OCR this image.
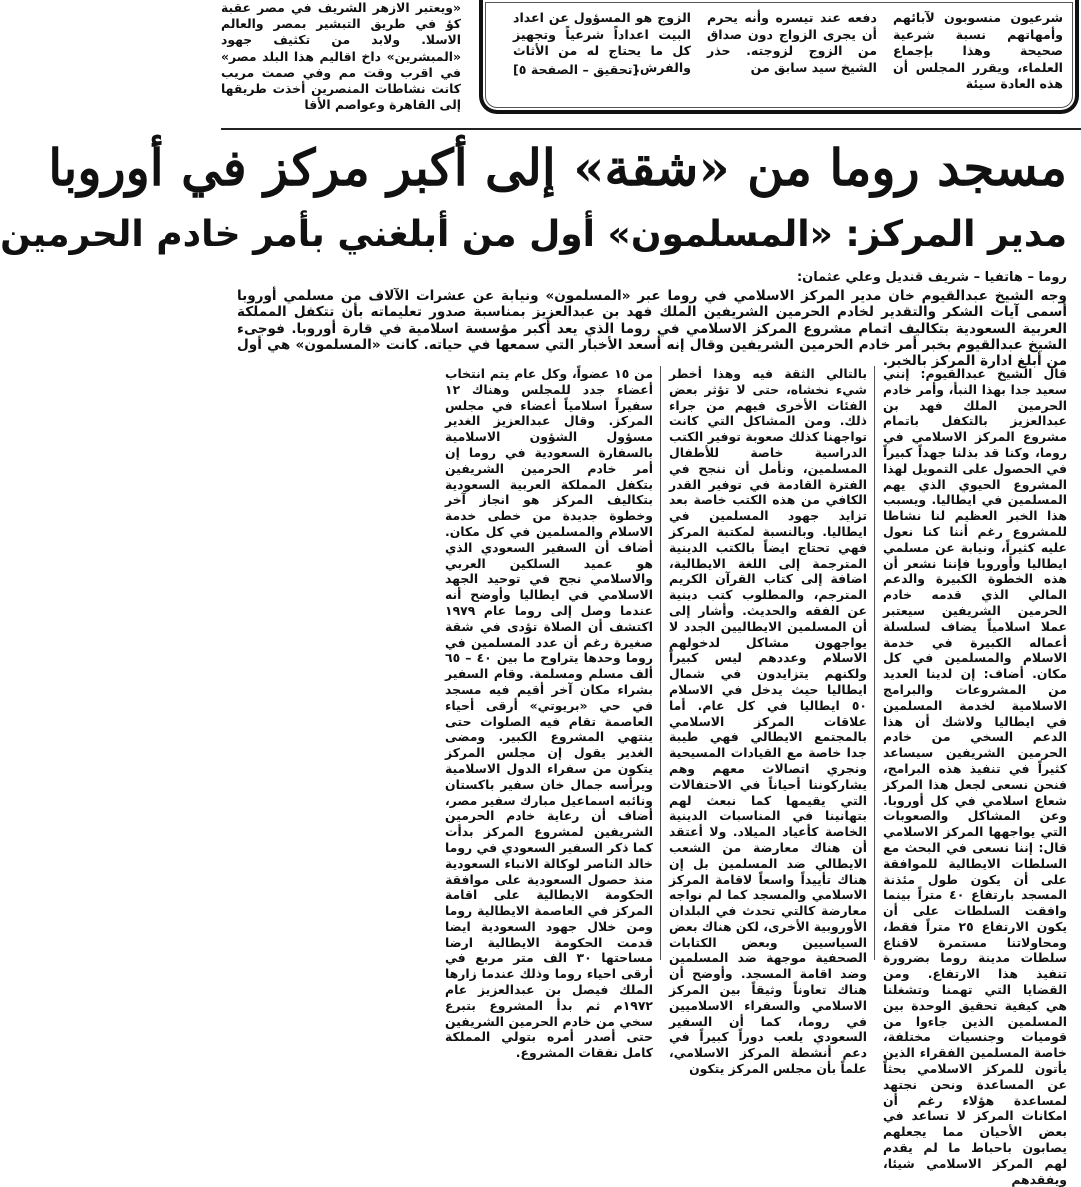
«ويعتبر الازهر الشريف في مصر عقبة كؤ في طريق التبشير بمصر والعالم الاسلا. ولابد من تكثيف جهود «المبشرين» داخ اقاليم هذا البلد مصر» في اقرب وقت مم وفي صمت مريب كانت نشاطات المنصرين أخذت طريقها إلى القاهرة وعواصم الأقا
شرعيون منسوبون لآبائهم وأمهاتهم نسبة شرعية صحيحة وهذا بإجماع العلماء، ويقرر المجلس أن هذه العادة سيئة
دفعه عند تيسره وأنه يحرم أن يجرى الزواج دون صداق من الزوج لزوجته. حذر الشيخ سيد سابق من
الزوج هو المسؤول عن اعداد البيت اعداداً شرعياً وتجهيز كل ما يحتاج له من الأثاث والفرش.
[تحقيق – الصفحة ٥]
مسجد روما من «شقة» إلى أكبر مركز في أوروبا
مدير المركز: «المسلمون» أول من أبلغني بأمر خادم الحرمين
روما – هاتفيا – شريف قنديل وعلي عثمان:
وجه الشيخ عبدالقيوم خان مدير المركز الاسلامي في روما عبر «المسلمون» ونيابة عن عشرات الآلاف من مسلمي أوروبا أسمى آيات الشكر والتقدير لخادم الحرمين الشريفين الملك فهد بن عبدالعزيز بمناسبة صدور تعليماته بأن تتكفل المملكة العربية السعودية بتكاليف اتمام مشروع المركز الاسلامي في روما الذي يعد أكبر مؤسسة اسلامية في قارة أوروبا. فوجىء الشيخ عبدالقيوم بخبر أمر خادم الحرمين الشريفين وقال إنه أسعد الأخبار التي سمعها في حياته. كانت «المسلمون» هي أول من أبلغ ادارة المركز بالخبر.
قال الشيخ عبدالقيوم: إنني سعيد جدا بهذا النبأ، وأمر خادم الحرمين الملك فهد بن عبدالعزيز بالتكفل باتمام مشروع المركز الاسلامي في روما، وكنا قد بذلنا جهداً كبيراً في الحصول على التمويل لهذا المشروع الحيوي الذي يهم المسلمين في ايطاليا. ويسبب هذا الخبر العظيم لنا نشاطا للمشروع رغم أننا كنا نعول عليه كثيراً، ونيابة عن مسلمي ايطاليا وأوروبا فإننا نشعر أن هذه الخطوة الكبيرة والدعم المالي الذي قدمه خادم الحرمين الشريفين سيعتبر عملا اسلامياً يضاف لسلسلة أعماله الكبيرة في خدمة الاسلام والمسلمين في كل مكان. أضاف: إن لدينا العديد من المشروعات والبرامج الاسلامية لخدمة المسلمين في ايطاليا ولاشك أن هذا الدعم السخي من خادم الحرمين الشريفين سيساعد كثيراً في تنفيذ هذه البرامج، فنحن نسعى لجعل هذا المركز شعاع اسلامي في كل أوروبا. وعن المشاكل والصعوبات التي يواجهها المركز الاسلامي قال: إننا نسعى في البحث مع السلطات الايطالية للموافقة على أن يكون طول مئذنة المسجد بارتفاع ٤٠ متراً بينما وافقت السلطات على أن يكون الارتفاع ٢٥ متراً فقط، ومحاولاتنا مستمرة لاقناع سلطات مدينة روما بضرورة تنفيذ هذا الارتفاع. ومن القضايا التي تهمنا وتشغلنا هي كيفية تحقيق الوحدة بين المسلمين الذين جاءوا من قوميات وجنسيات مختلفة، خاصة المسلمين الفقراء الذين يأتون للمركز الاسلامي بحثاً عن المساعدة ونحن نجتهد لمساعدة هؤلاء رغم أن امكانات المركز لا تساعد في بعض الأحيان مما يجعلهم يصابون باحباط ما لم يقدم لهم المركز الاسلامي شيئا، ويفقدهم
بالتالي الثقة فيه وهذا أخطر شيء نخشاه، حتى لا تؤثر بعض الفئات الأخرى فيهم من جراء ذلك. ومن المشاكل التي كانت تواجهنا كذلك صعوبة توفير الكتب الدراسية خاصة للأطفال المسلمين، ونأمل أن ننجح في الفترة القادمة في توفير القدر الكافي من هذه الكتب خاصة بعد تزايد جهود المسلمين في ايطاليا. وبالنسبة لمكتبة المركز فهي تحتاج ايضاً بالكتب الدينية المترجمة إلى اللغة الايطالية، اضافة إلى كتاب القرآن الكريم المترجم، والمطلوب كتب دينية عن الفقه والحديث. وأشار إلى أن المسلمين الايطاليين الجدد لا يواجهون مشاكل لدخولهم الاسلام وعددهم ليس كبيراً ولكنهم يتزايدون في شمال ايطاليا حيث يدخل في الاسلام ٥٠ ايطاليا في كل عام. أما علاقات المركز الاسلامي بالمجتمع الايطالي فهي طيبة جدا خاصة مع القيادات المسيحية ونجري اتصالات معهم وهم يشاركوننا أحياناً في الاحتفالات التي يقيمها كما نبعث لهم بتهانينا في المناسبات الدينية الخاصة كأعياد الميلاد. ولا أعتقد أن هناك معارضة من الشعب الايطالي ضد المسلمين بل إن هناك تأييداً واسعاً لاقامة المركز الاسلامي والمسجد كما لم نواجه معارضة كالتي تحدث في البلدان الأوروبية الأخرى، لكن هناك بعض السياسيين وبعض الكتابات الصحفية موجهة ضد المسلمين وضد اقامة المسجد. وأوضح أن هناك تعاوناً وثيقاً بين المركز الاسلامي والسفراء الاسلاميين في روما، كما أن السفير السعودي يلعب دوراً كبيراً في دعم أنشطة المركز الاسلامي، علماً بأن مجلس المركز يتكون
من ١٥ عضواً، وكل عام يتم انتخاب أعضاء جدد للمجلس وهناك ١٢ سفيراً اسلامياً أعضاء في مجلس المركز. وقال عبدالعزيز الغدير مسؤول الشؤون الاسلامية بالسفارة السعودية في روما إن أمر خادم الحرمين الشريفين بتكفل المملكة العربية السعودية بتكاليف المركز هو انجاز آخر وخطوة جديدة من خطى خدمة الاسلام والمسلمين في كل مكان. أضاف أن السفير السعودي الذي هو عميد السلكين العربي والاسلامي نجح في توحيد الجهد الاسلامي في ايطاليا وأوضح أنه عندما وصل إلى روما عام ١٩٧٩ اكتشف أن الصلاة تؤدى في شقة صغيرة رغم أن عدد المسلمين في روما وحدها يتراوح ما بين ٤٠ – ٦٥ ألف مسلم ومسلمة. وقام السفير بشراء مكان آخر أقيم فيه مسجد في حي «بريوتي» أرقى أحياء العاصمة تقام فيه الصلوات حتى ينتهي المشروع الكبير. ومضى الغدير يقول إن مجلس المركز يتكون من سفراء الدول الاسلامية ويرأسه جمال خان سفير باكستان ونائبه اسماعيل مبارك سفير مصر، أضاف أن رعاية خادم الحرمين الشريفين لمشروع المركز بدأت كما ذكر السفير السعودي في روما خالد الناصر لوكالة الانباء السعودية منذ حصول السعودية على موافقة الحكومة الايطالية على اقامة المركز في العاصمة الايطالية روما ومن خلال جهود السعودية ايضا قدمت الحكومة الايطالية ارضا مساحتها ٣٠ الف متر مربع في أرقى احياء روما وذلك عندما زارها الملك فيصل بن عبدالعزيز عام ١٩٧٢م ثم بدأ المشروع بتبرع سخي من خادم الحرمين الشريفين حتى أصدر أمره بتولي المملكة كامل نفقات المشروع.
